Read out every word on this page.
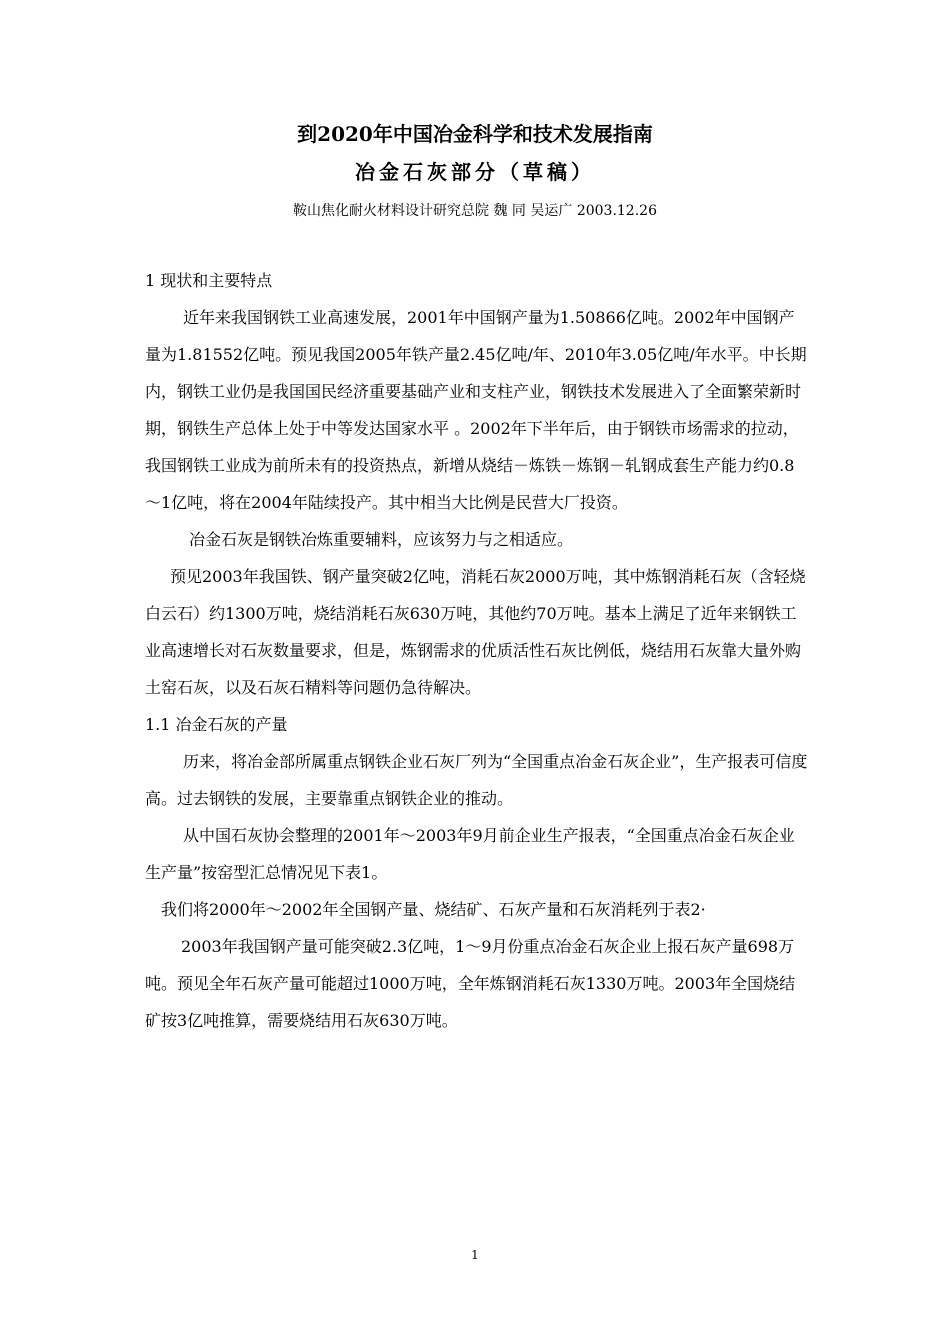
到2020年中国冶金科学和技术发展指南
冶金石灰部分（草稿）
鞍山焦化耐火材料设计研究总院 魏 同 吴运广 2003.12.26

1 现状和主要特点

近年来我国钢铁工业高速发展，2001年中国钢产量为1.50866亿吨。2002年中国钢产量为1.81552亿吨。预见我国2005年铁产量2.45亿吨/年、2010年3.05亿吨/年水平。中长期内，钢铁工业仍是我国国民经济重要基础产业和支柱产业，钢铁技术发展进入了全面繁荣新时期，钢铁生产总体上处于中等发达国家水平 。2002年下半年后，由于钢铁市场需求的拉动，我国钢铁工业成为前所未有的投资热点，新增从烧结－炼铁－炼钢－轧钢成套生产能力约0.8～1亿吨，将在2004年陆续投产。其中相当大比例是民营大厂投资。

冶金石灰是钢铁冶炼重要辅料，应该努力与之相适应。

预见2003年我国铁、钢产量突破2亿吨，消耗石灰2000万吨，其中炼钢消耗石灰（含轻烧白云石）约1300万吨，烧结消耗石灰630万吨，其他约70万吨。基本上满足了近年来钢铁工业高速增长对石灰数量要求，但是，炼钢需求的优质活性石灰比例低，烧结用石灰靠大量外购土窑石灰，以及石灰石精料等问题仍急待解决。

1.1 冶金石灰的产量

历来，将冶金部所属重点钢铁企业石灰厂列为“全国重点冶金石灰企业”，生产报表可信度高。过去钢铁的发展，主要靠重点钢铁企业的推动。

从中国石灰协会整理的2001年～2003年9月前企业生产报表，“全国重点冶金石灰企业生产量”按窑型汇总情况见下表1。

我们将2000年～2002年全国钢产量、烧结矿、石灰产量和石灰消耗列于表2·

2003年我国钢产量可能突破2.3亿吨，1～9月份重点冶金石灰企业上报石灰产量698万吨。预见全年石灰产量可能超过1000万吨，全年炼钢消耗石灰1330万吨。2003年全国烧结矿按3亿吨推算，需要烧结用石灰630万吨。

1
